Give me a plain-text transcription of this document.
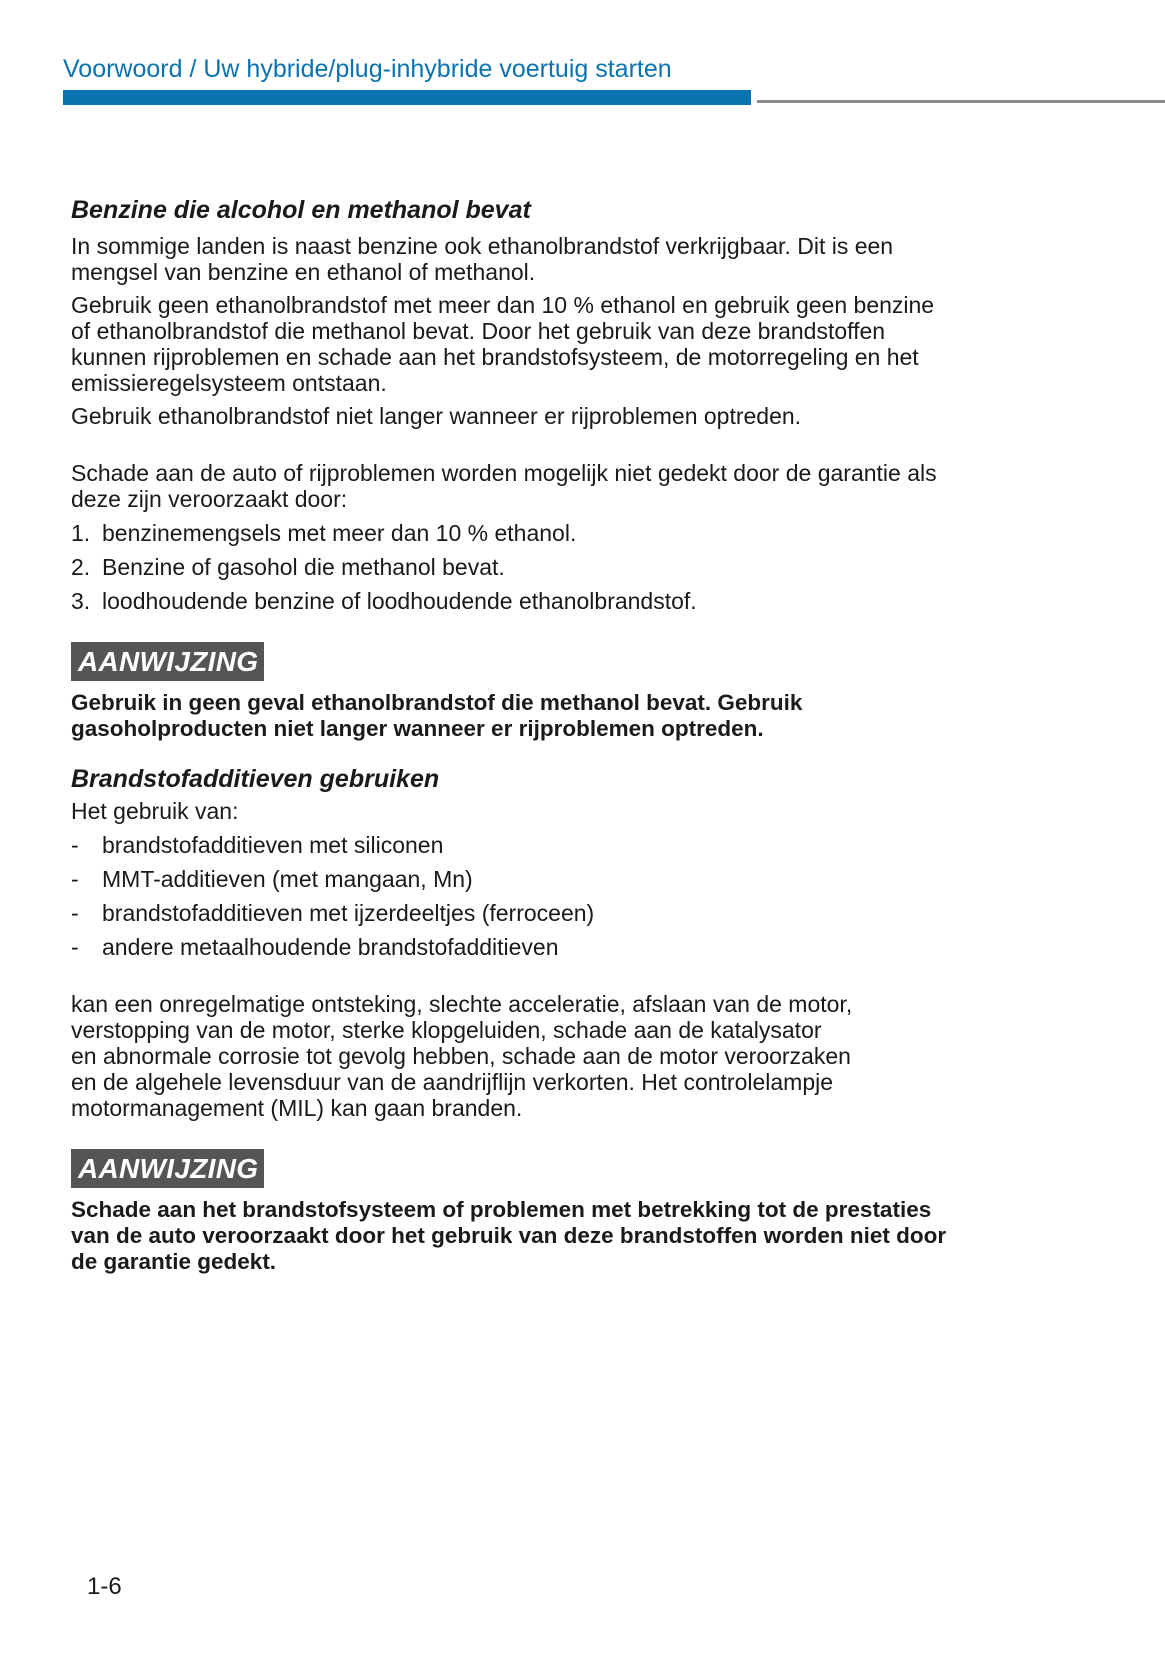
Voorwoord / Uw hybride/plug-inhybride voertuig starten
Benzine die alcohol en methanol bevat

In sommige landen is naast benzine ook ethanolbrandstof verkrijgbaar. Dit is een
mengsel van benzine en ethanol of methanol.

Gebruik geen ethanolbrandstof met meer dan 10 % ethanol en gebruik geen benzine
of ethanolbrandstof die methanol bevat. Door het gebruik van deze brandstoffen
kunnen rijproblemen en schade aan het brandstofsysteem, de motorregeling en het
emissieregelsysteem ontstaan.

Gebruik ethanolbrandstof niet langer wanneer er rijproblemen optreden.

Schade aan de auto of rijproblemen worden mogelijk niet gedekt door de garantie als
deze zijn veroorzaakt door:

1. benzinemengsels met meer dan 10 % ethanol.
2. Benzine of gasohol die methanol bevat.
3. loodhoudende benzine of loodhoudende ethanolbrandstof.
AANWIJZING

Gebruik in geen geval ethanolbrandstof die methanol bevat. Gebruik
gasoholproducten niet langer wanneer er rijproblemen optreden.

Brandstofadditieven gebruiken

Het gebruik van:

- brandstofadditieven met siliconen
- MMT-additieven (met mangaan, Mn)
- brandstofadditieven met ijzerdeeltjes (ferroceen)
- andere metaalhoudende brandstofadditieven

kan een onregelmatige ontsteking, slechte acceleratie, afslaan van de motor,
verstopping van de motor, sterke klopgeluiden, schade aan de katalysator
en abnormale corrosie tot gevolg hebben, schade aan de motor veroorzaken
en de algehele levensduur van de aandrijflijn verkorten. Het controlelampje
motormanagement (MIL) kan gaan branden.

AANWIJZING

Schade aan het brandstofsysteem of problemen met betrekking tot de prestaties
van de auto veroorzaakt door het gebruik van deze brandstoffen worden niet door
de garantie gedekt.

1-6
